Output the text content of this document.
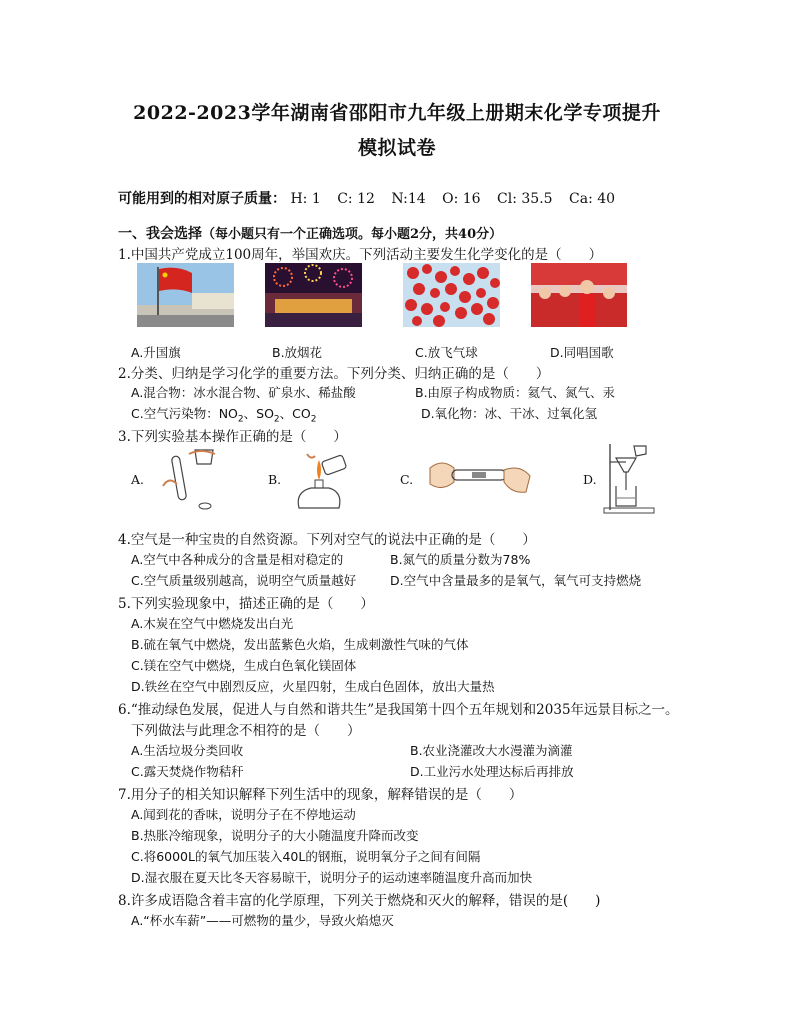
2022-2023学年湖南省邵阳市九年级上册期末化学专项提升
模拟试卷
可能用到的相对原子质量： H: 1 C: 12 N:14 O: 16 Cl: 35.5 Ca: 40
一、我会选择（每小题只有一个正确选项。每小题2分，共40分）
1.中国共产党成立100周年，举国欢庆。下列活动主要发生化学变化的是（　　）
A.升国旗	B.放烟花	C.放飞气球	D.同唱国歌
2.分类、归纳是学习化学的重要方法。下列分类、归纳正确的是（　　）
A.混合物：冰水混合物、矿泉水、稀盐酸	B.由原子构成物质：氦气、氮气、汞
C.空气污染物：$NO_2$、$SO_2$、$CO_2$	D.氧化物：冰、干冰、过氧化氢
3.下列实验基本操作正确的是（　　）
A.	B.	C.	D.
4.空气是一种宝贵的自然资源。下列对空气的说法中正确的是（　　）
A.空气中各种成分的含量是相对稳定的	B.氮气的质量分数为78%
C.空气质量级别越高，说明空气质量越好	D.空气中含量最多的是氧气，氧气可支持燃烧
5.下列实验现象中，描述正确的是（　　）
A.木炭在空气中燃烧发出白光
B.硫在氧气中燃烧，发出蓝紫色火焰，生成刺激性气味的气体
C.镁在空气中燃烧，生成白色氧化镁固体
D.铁丝在空气中剧烈反应，火星四射，生成白色固体，放出大量热
6.“推动绿色发展，促进人与自然和谐共生”是我国第十四个五年规划和2035年远景目标之一。
下列做法与此理念不相符的是（　　）
A.生活垃圾分类回收	B.农业浇灌改大水漫灌为滴灌
C.露天焚烧作物秸秆	D.工业污水处理达标后再排放
7.用分子的相关知识解释下列生活中的现象，解释错误的是（　　）
A.闻到花的香味，说明分子在不停地运动
B.热胀冷缩现象，说明分子的大小随温度升降而改变
C.将6000L的氧气加压装入40L的钢瓶，说明氧分子之间有间隔
D.湿衣服在夏天比冬天容易晾干，说明分子的运动速率随温度升高而加快
8.许多成语隐含着丰富的化学原理，下列关于燃烧和灭火的解释，错误的是(　　)
A.“杯水车薪”——可燃物的量少，导致火焰熄灭
